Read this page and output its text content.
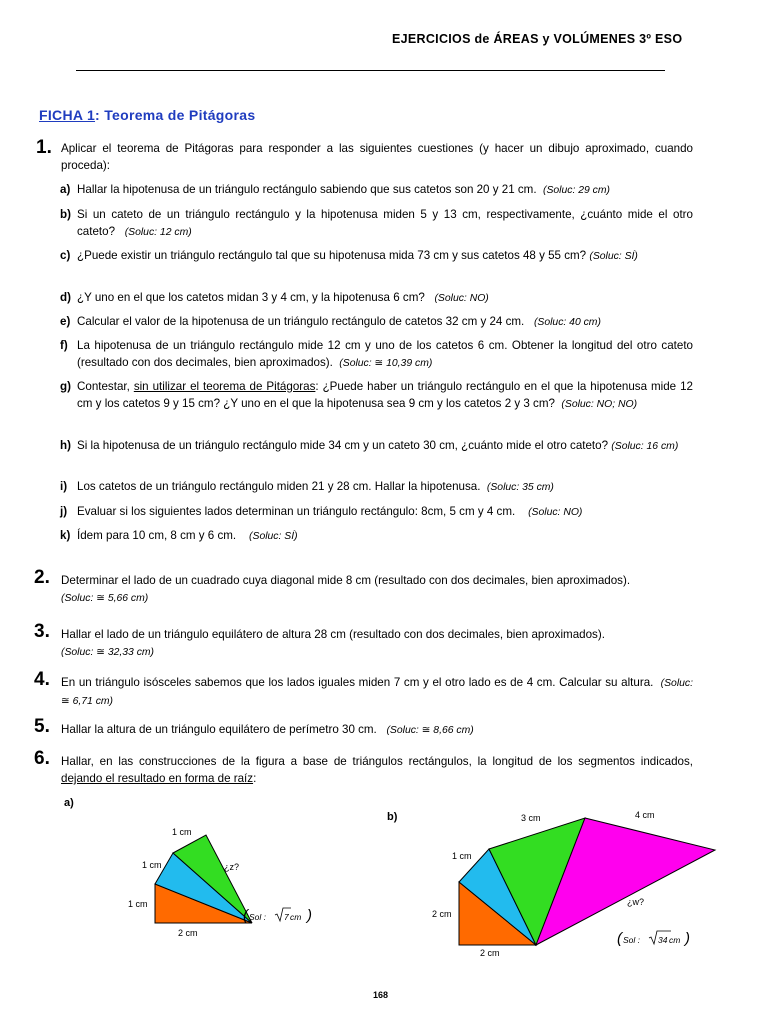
EJERCICIOS de ÁREAS y VOLÚMENES 3º ESO
FICHA 1: Teorema de Pitágoras
1. Aplicar el teorema de Pitágoras para responder a las siguientes cuestiones (y hacer un dibujo aproximado, cuando proceda):
a) Hallar la hipotenusa de un triángulo rectángulo sabiendo que sus catetos son 20 y 21 cm. (Soluc: 29 cm)
b) Si un cateto de un triángulo rectángulo y la hipotenusa miden 5 y 13 cm, respectivamente, ¿cuánto mide el otro cateto? (Soluc: 12 cm)
c) ¿Puede existir un triángulo rectángulo tal que su hipotenusa mida 73 cm y sus catetos 48 y 55 cm? (Soluc: SÍ)
d) ¿Y uno en el que los catetos midan 3 y 4 cm, y la hipotenusa 6 cm? (Soluc: NO)
e) Calcular el valor de la hipotenusa de un triángulo rectángulo de catetos 32 cm y 24 cm. (Soluc: 40 cm)
f) La hipotenusa de un triángulo rectángulo mide 12 cm y uno de los catetos 6 cm. Obtener la longitud del otro cateto (resultado con dos decimales, bien aproximados). (Soluc: ≅ 10,39 cm)
g) Contestar, sin utilizar el teorema de Pitágoras: ¿Puede haber un triángulo rectángulo en el que la hipotenusa mide 12 cm y los catetos 9 y 15 cm? ¿Y uno en el que la hipotenusa sea 9 cm y los catetos 2 y 3 cm? (Soluc: NO; NO)
h) Si la hipotenusa de un triángulo rectángulo mide 34 cm y un cateto 30 cm, ¿cuánto mide el otro cateto? (Soluc: 16 cm)
i) Los catetos de un triángulo rectángulo miden 21 y 28 cm. Hallar la hipotenusa. (Soluc: 35 cm)
j) Evaluar si los siguientes lados determinan un triángulo rectángulo: 8cm, 5 cm y 4 cm. (Soluc: NO)
k) Ídem para 10 cm, 8 cm y 6 cm. (Soluc: SÍ)
2. Determinar el lado de un cuadrado cuya diagonal mide 8 cm (resultado con dos decimales, bien aproximados).
(Soluc: ≅ 5,66 cm)
3. Hallar el lado de un triángulo equilátero de altura 28 cm (resultado con dos decimales, bien aproximados).
(Soluc: ≅ 32,33 cm)
4. En un triángulo isósceles sabemos que los lados iguales miden 7 cm y el otro lado es de 4 cm. Calcular su altura. (Soluc: ≅ 6,71 cm)
5. Hallar la altura de un triángulo equilátero de perímetro 30 cm. (Soluc: ≅ 8,66 cm)
6. Hallar, en las construcciones de la figura a base de triángulos rectángulos, la longitud de los segmentos indicados, dejando el resultado en forma de raíz:
a)
1 cm
1 cm
1 cm
2 cm
¿z?
( Sol : 7 cm )
b)	3 cm	4 cm
1 cm
2 cm
2 cm
¿w?
( Sol : 34 cm )
168
